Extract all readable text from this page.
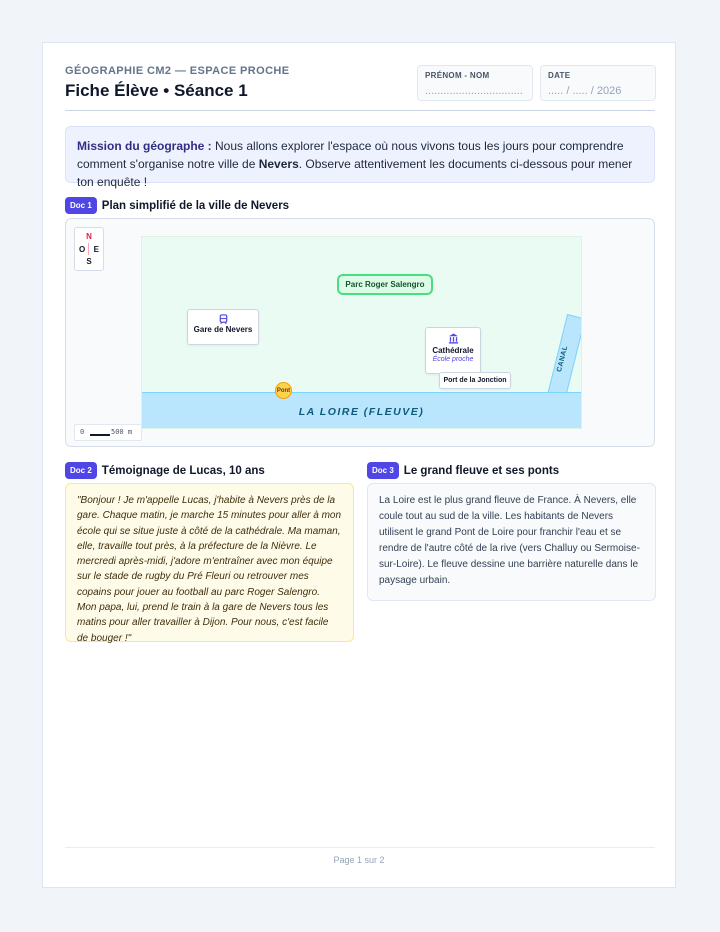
GÉOGRAPHIE CM2 — ESPACE PROCHE
Fiche Élève • Séance 1
PRÉNOM - NOM
................................
DATE
..... / ..... / 2026
Mission du géographe : Nous allons explorer l'espace où nous vivons tous les jours pour comprendre comment s'organise notre ville de Nevers. Observe attentivement les documents ci-dessous pour mener ton enquête !
Doc 1 Plan simplifié de la ville de Nevers
N
O E
S
CANAL
LA LOIRE (FLEUVE)
Parc Roger Salengro
Gare de Nevers
Cathédrale
École proche
Port de la Jonction
Pont
0	500 m
Doc 2 Témoignage de Lucas, 10 ans
"Bonjour ! Je m'appelle Lucas, j'habite à Nevers près de la gare. Chaque matin, je marche 15 minutes pour aller à mon école qui se situe juste à côté de la cathédrale. Ma maman, elle, travaille tout près, à la préfecture de la Nièvre. Le mercredi après-midi, j'adore m'entraîner avec mon équipe sur le stade de rugby du Pré Fleuri ou retrouver mes copains pour jouer au football au parc Roger Salengro. Mon papa, lui, prend le train à la gare de Nevers tous les matins pour aller travailler à Dijon. Pour nous, c'est facile de bouger !"
Doc 3 Le grand fleuve et ses ponts
La Loire est le plus grand fleuve de France. À Nevers, elle coule tout au sud de la ville. Les habitants de Nevers utilisent le grand Pont de Loire pour franchir l'eau et se rendre de l'autre côté de la rive (vers Challuy ou Sermoise-sur-Loire). Le fleuve dessine une barrière naturelle dans le paysage urbain.
Page 1 sur 2
